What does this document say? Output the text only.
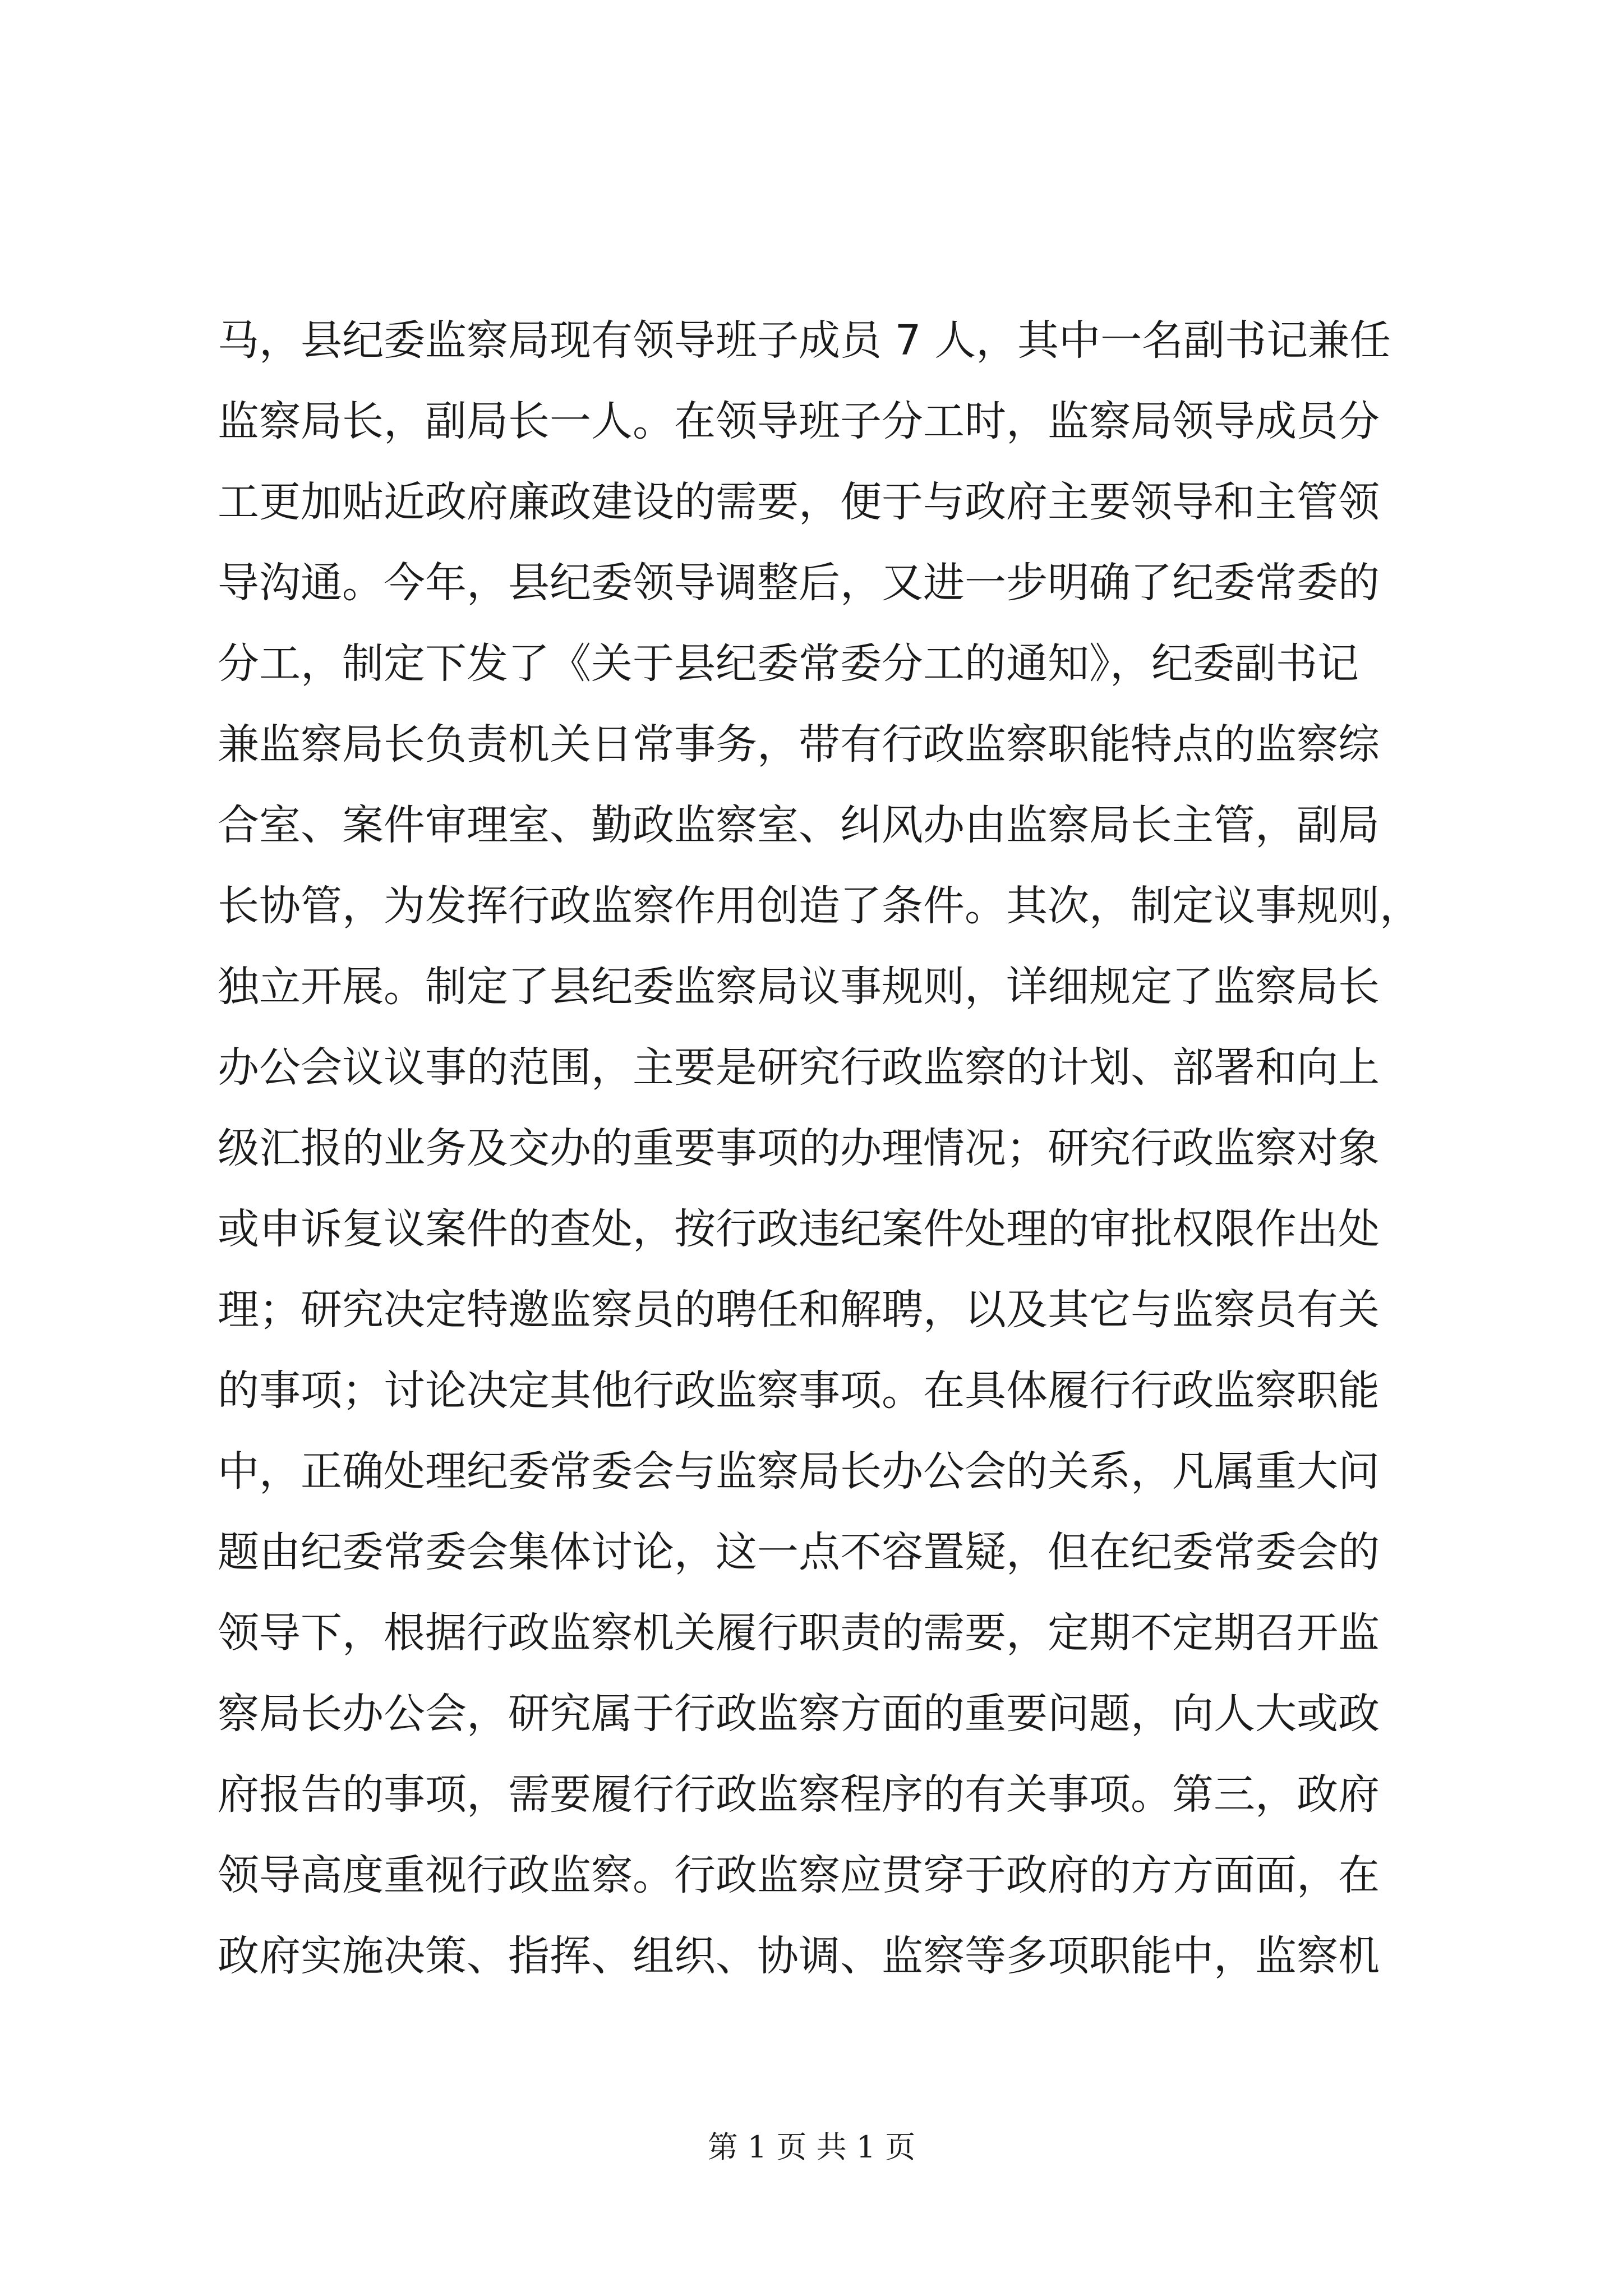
马，县纪委监察局现有领导班子成员 7 人，其中一名副书记兼任
监察局长，副局长一人。在领导班子分工时，监察局领导成员分
工更加贴近政府廉政建设的需要，便于与政府主要领导和主管领
导沟通。今年，县纪委领导调整后，又进一步明确了纪委常委的
分工，制定下发了《关于县纪委常委分工的通知》，纪委副书记
兼监察局长负责机关日常事务，带有行政监察职能特点的监察综
合室、案件审理室、勤政监察室、纠风办由监察局长主管，副局
长协管，为发挥行政监察作用创造了条件。其次，制定议事规则，
独立开展。制定了县纪委监察局议事规则，详细规定了监察局长
办公会议议事的范围，主要是研究行政监察的计划、部署和向上
级汇报的业务及交办的重要事项的办理情况；研究行政监察对象
或申诉复议案件的查处，按行政违纪案件处理的审批权限作出处
理；研究决定特邀监察员的聘任和解聘，以及其它与监察员有关
的事项；讨论决定其他行政监察事项。在具体履行行政监察职能
中，正确处理纪委常委会与监察局长办公会的关系，凡属重大问
题由纪委常委会集体讨论，这一点不容置疑，但在纪委常委会的
领导下，根据行政监察机关履行职责的需要，定期不定期召开监
察局长办公会，研究属于行政监察方面的重要问题，向人大或政
府报告的事项，需要履行行政监察程序的有关事项。第三，政府
领导高度重视行政监察。行政监察应贯穿于政府的方方面面，在
政府实施决策、指挥、组织、协调、监察等多项职能中，监察机

第 1 页 共 1 页
